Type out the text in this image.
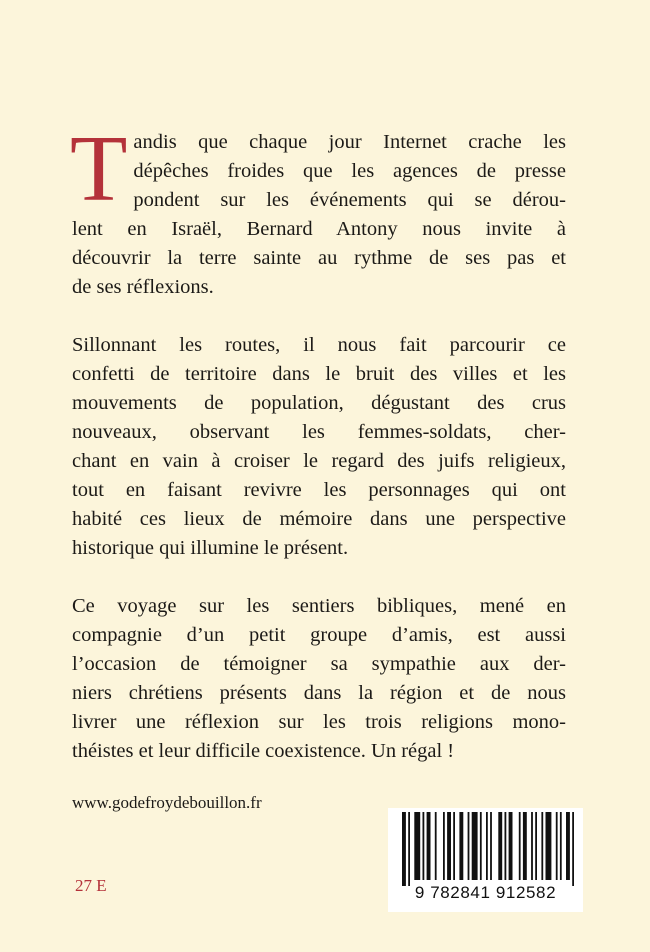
T andis que chaque jour Internet crache les
dépêches froides que les agences de presse
pondent sur les événements qui se dérou-
lent en Israël, Bernard Antony nous invite à
découvrir la terre sainte au rythme de ses pas et
de ses réflexions.
Sillonnant les routes, il nous fait parcourir ce
confetti de territoire dans le bruit des villes et les
mouvements de population, dégustant des crus
nouveaux, observant les femmes-soldats, cher-
chant en vain à croiser le regard des juifs religieux,
tout en faisant revivre les personnages qui ont
habité ces lieux de mémoire dans une perspective
historique qui illumine le présent.
Ce voyage sur les sentiers bibliques, mené en
compagnie d’un petit groupe d’amis, est aussi
l’occasion de témoigner sa sympathie aux der-
niers chrétiens présents dans la région et de nous
livrer une réflexion sur les trois religions mono-
théistes et leur difficile coexistence. Un régal !
www.godefroydebouillon.fr
27 E	9 782841 912582
